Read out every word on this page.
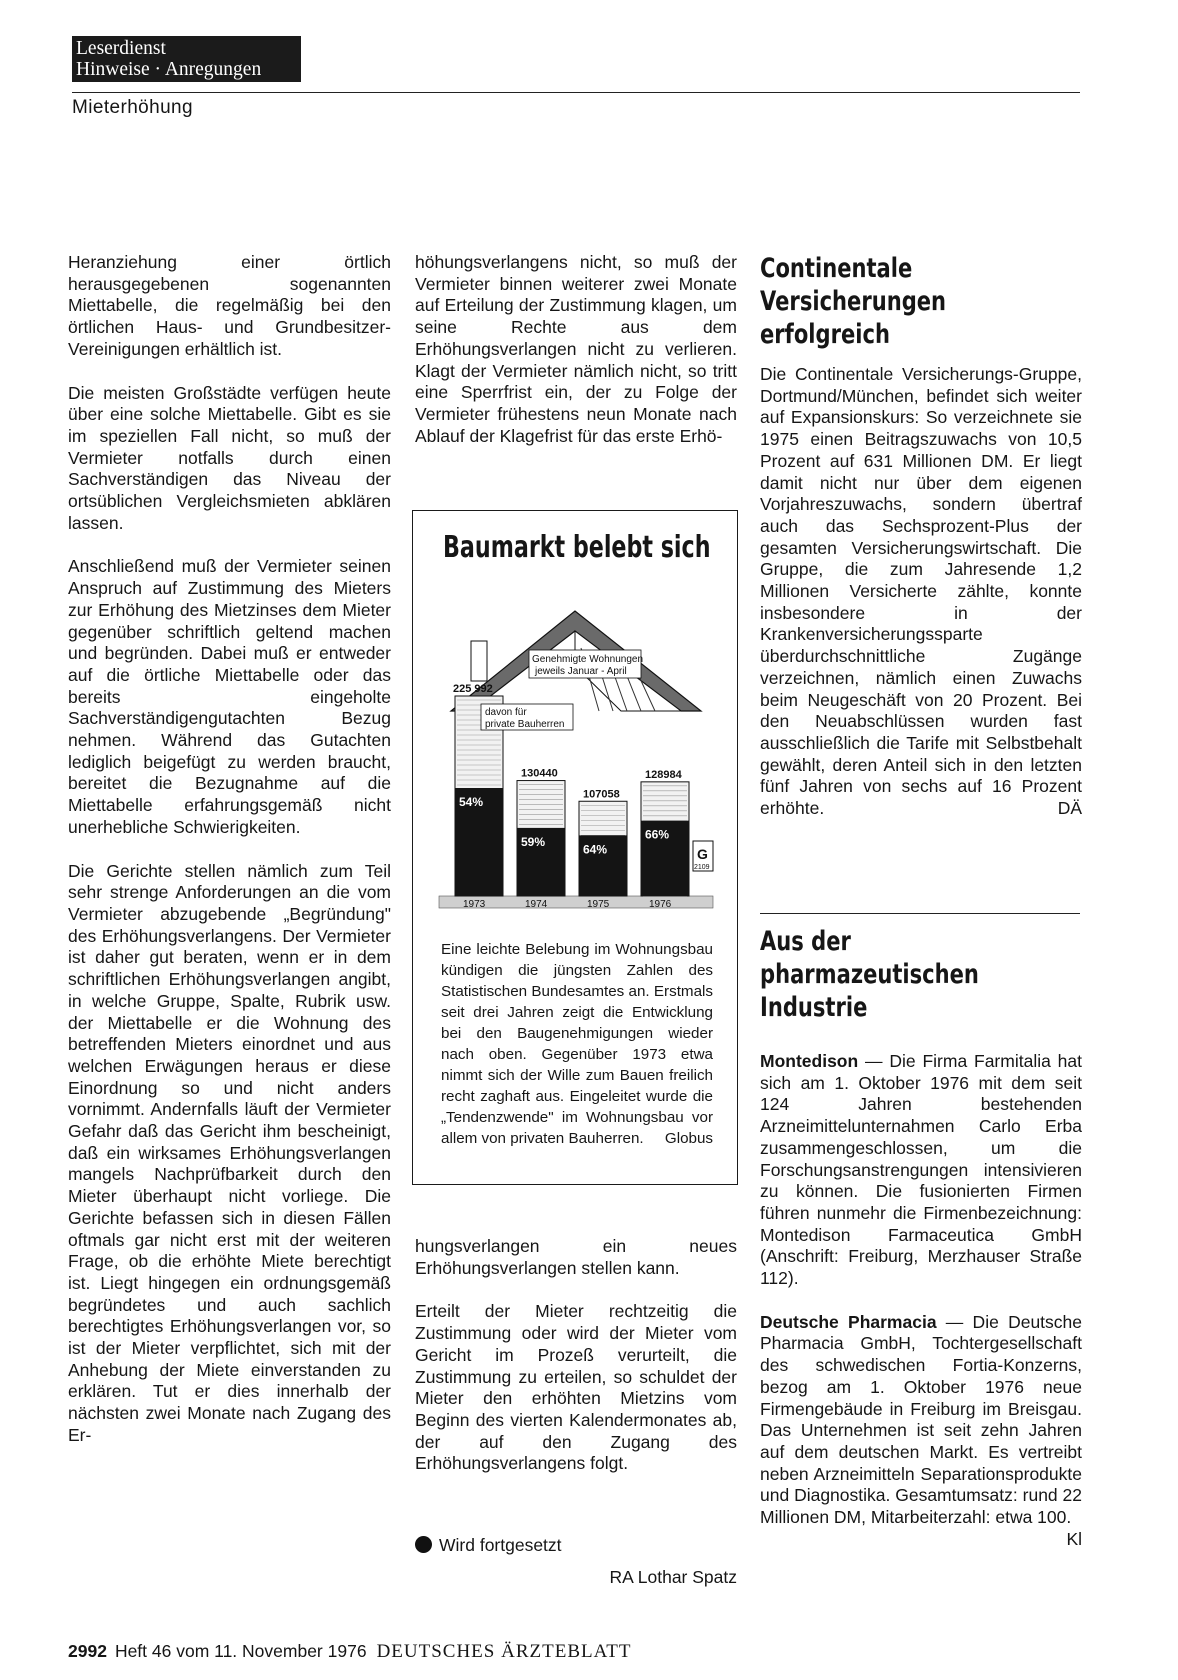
Leserdienst
Hinweise · Anregungen
Mieterhöhung

Heranziehung einer örtlich herausgegebenen sogenannten Miettabelle, die regelmäßig bei den örtlichen Haus- und Grundbesitzer-Vereinigungen erhältlich ist.

Die meisten Großstädte verfügen heute über eine solche Miettabelle. Gibt es sie im speziellen Fall nicht, so muß der Vermieter notfalls durch einen Sachverständigen das Niveau der ortsüblichen Vergleichsmieten abklären lassen.

Anschließend muß der Vermieter seinen Anspruch auf Zustimmung des Mieters zur Erhöhung des Mietzinses dem Mieter gegenüber schriftlich geltend machen und begründen. Dabei muß er entweder auf die örtliche Miettabelle oder das bereits eingeholte Sachverständigengutachten Bezug nehmen. Während das Gutachten lediglich beigefügt zu werden braucht, bereitet die Bezugnahme auf die Miettabelle erfahrungsgemäß nicht unerhebliche Schwierigkeiten.

Die Gerichte stellen nämlich zum Teil sehr strenge Anforderungen an die vom Vermieter abzugebende „Begründung" des Erhöhungsverlangens. Der Vermieter ist daher gut beraten, wenn er in dem schriftlichen Erhöhungsverlangen angibt, in welche Gruppe, Spalte, Rubrik usw. der Miettabelle er die Wohnung des betreffenden Mieters einordnet und aus welchen Erwägungen heraus er diese Einordnung so und nicht anders vornimmt. Andernfalls läuft der Vermieter Gefahr daß das Gericht ihm bescheinigt, daß ein wirksames Erhöhungsverlangen mangels Nachprüfbarkeit durch den Mieter überhaupt nicht vorliege. Die Gerichte befassen sich in diesen Fällen oftmals gar nicht erst mit der weiteren Frage, ob die erhöhte Miete berechtigt ist. Liegt hingegen ein ordnungsgemäß begründetes und auch sachlich berechtigtes Erhöhungsverlangen vor, so ist der Mieter verpflichtet, sich mit der Anhebung der Miete einverstanden zu erklären. Tut er dies innerhalb der nächsten zwei Monate nach Zugang des Er-

höhungsverlangens nicht, so muß der Vermieter binnen weiterer zwei Monate auf Erteilung der Zustimmung klagen, um seine Rechte aus dem Erhöhungsverlangen nicht zu verlieren. Klagt der Vermieter nämlich nicht, so tritt eine Sperrfrist ein, der zu Folge der Vermieter frühestens neun Monate nach Ablauf der Klagefrist für das erste Erhö-

Baumarkt belebt sich
54%
225 992
1973
59%
130440
1974
64%
107058
1975
66%
128984
1976
Genehmigte Wohnungen
jeweils Januar - April
davon für
private Bauherren
G
2109
Eine leichte Belebung im Wohnungsbau kündigen die jüngsten Zahlen des Statistischen Bundesamtes an. Erstmals seit drei Jahren zeigt die Entwicklung bei den Baugenehmigungen wieder nach oben. Gegenüber 1973 etwa nimmt sich der Wille zum Bauen freilich recht zaghaft aus. Eingeleitet wurde die „Tendenzwende" im Wohnungsbau vor allem von privaten Bauherren. Globus

hungsverlangen ein neues Erhöhungsverlangen stellen kann.

Erteilt der Mieter rechtzeitig die Zustimmung oder wird der Mieter vom Gericht im Prozeß verurteilt, die Zustimmung zu erteilen, so schuldet der Mieter den erhöhten Mietzins vom Beginn des vierten Kalendermonates ab, der auf den Zugang des Erhöhungsverlangens folgt.

Wird fortgesetzt
RA Lothar Spatz
Continentale
Versicherungen
erfolgreich

Die Continentale Versicherungs-Gruppe, Dortmund/München, befindet sich weiter auf Expansionskurs: So verzeichnete sie 1975 einen Beitragszuwachs von 10,5 Prozent auf 631 Millionen DM. Er liegt damit nicht nur über dem eigenen Vorjahreszuwachs, sondern übertraf auch das Sechsprozent-Plus der gesamten Versicherungswirtschaft. Die Gruppe, die zum Jahresende 1,2 Millionen Versicherte zählte, konnte insbesondere in der Krankenversicherungssparte überdurchschnittliche Zugänge verzeichnen, nämlich einen Zuwachs beim Neugeschäft von 20 Prozent. Bei den Neuabschlüssen wurden fast ausschließlich die Tarife mit Selbstbehalt gewählt, deren Anteil sich in den letzten fünf Jahren von sechs auf 16 Prozent erhöhte.	DÄ

Aus der
pharmazeutischen
Industrie

Montedison — Die Firma Farmitalia hat sich am 1. Oktober 1976 mit dem seit 124 Jahren bestehenden Arzneimittelunternahmen Carlo Erba zusammengeschlossen, um die Forschungsanstrengungen intensivieren zu können. Die fusionierten Firmen führen nunmehr die Firmenbezeichnung: Montedison Farmaceutica GmbH (Anschrift: Freiburg, Merzhauser Straße 112).

Deutsche Pharmacia — Die Deutsche Pharmacia GmbH, Tochtergesellschaft des schwedischen Fortia-Konzerns, bezog am 1. Oktober 1976 neue Firmengebäude in Freiburg im Breisgau. Das Unternehmen ist seit zehn Jahren auf dem deutschen Markt. Es vertreibt neben Arzneimitteln Separationsprodukte und Diagnostika. Gesamtumsatz: rund 22 Millionen DM, Mitarbeiterzahl: etwa 100.
Kl

2992 Heft 46 vom 11. November 1976 DEUTSCHES ÄRZTEBLATT
